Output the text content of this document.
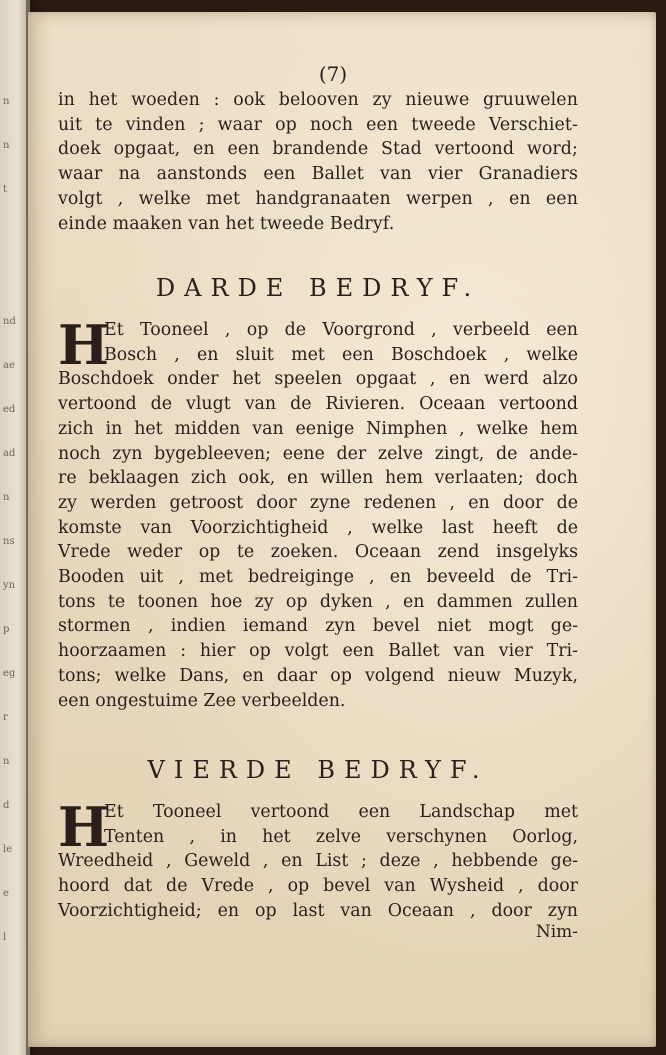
n
n
t
nd
ae
ed
ad
n
ns
yn
p
eg
r
n
d
le
e
l
(7)
in het woeden : ook belooven zy nieuwe gruuwelen
uit te vinden ; waar op noch een tweede Verschiet-
doek opgaat, en een brandende Stad vertoond word;
waar na aanstonds een Ballet van vier Granadiers
volgt , welke met handgranaaten werpen , en een
einde maaken van het tweede Bedryf.
DARDE BEDRYF.
H
Et Tooneel , op de Voorgrond , verbeeld een
Bosch , en sluit met een Boschdoek , welke
Boschdoek onder het speelen opgaat , en werd alzo
vertoond de vlugt van de Rivieren. Oceaan vertoond
zich in het midden van eenige Nimphen , welke hem
noch zyn bygebleeven; eene der zelve zingt, de ande-
re beklaagen zich ook, en willen hem verlaaten; doch
zy werden getroost door zyne redenen , en door de
komste van Voorzichtigheid , welke last heeft de
Vrede weder op te zoeken. Oceaan zend insgelyks
Booden uit , met bedreiginge , en beveeld de Tri-
tons te toonen hoe zy op dyken , en dammen zullen
stormen , indien iemand zyn bevel niet mogt ge-
hoorzaamen : hier op volgt een Ballet van vier Tri-
tons; welke Dans, en daar op volgend nieuw Muzyk,
een ongestuime Zee verbeelden.
VIERDE BEDRYF.
H
Et Tooneel vertoond een Landschap met
Tenten , in het zelve verschynen Oorlog,
Wreedheid , Geweld , en List ; deze , hebbende ge-
hoord dat de Vrede , op bevel van Wysheid , door
Voorzichtigheid; en op last van Oceaan , door zyn
Nim-
